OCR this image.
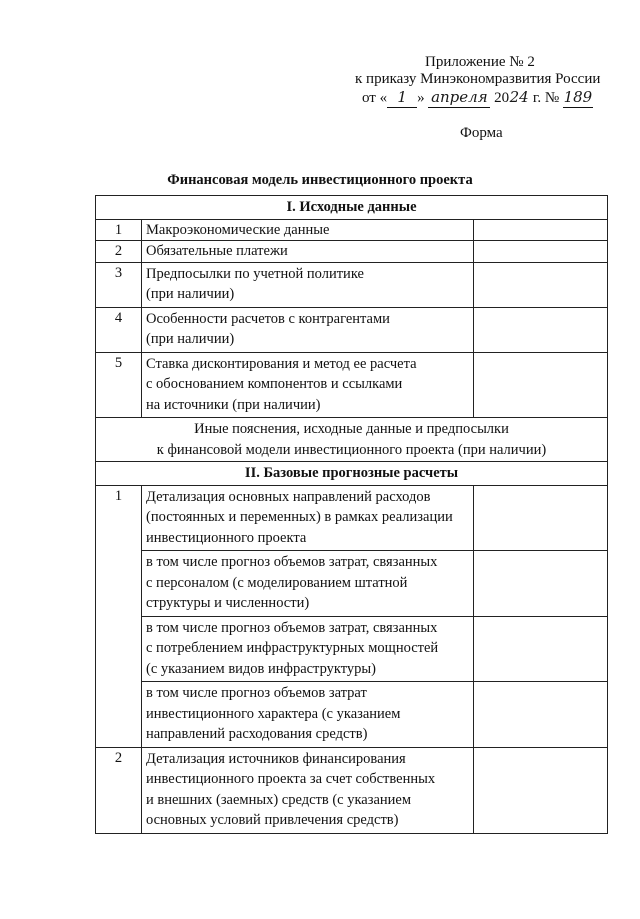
Приложение № 2
к приказу Минэкономразвития России
от « 1 » апреля 2024 г. № 189
Форма
Финансовая модель инвестиционного проекта
I. Исходные данные		
1	Макроэкономические данные	
2	Обязательные платежи	
3	Предпосылки по учетной политике
(при наличии)	

4	Особенности расчетов с контрагентами
(при наличии)	

5	Ставка дисконтирования и метод ее расчета
с обоснованием компонентов и ссылками
на источники (при наличии)	

Иные пояснения, исходные данные и предпосылки
к финансовой модели инвестиционного проекта (при наличии)		

II. Базовые прогнозные расчеты		
1	Детализация основных направлений расходов
(постоянных и переменных) в рамках реализации
инвестиционного проекта	

	в том числе прогноз объемов затрат, связанных
с персоналом (с моделированием штатной
структуры и численности)	

	в том числе прогноз объемов затрат, связанных
с потреблением инфраструктурных мощностей
(с указанием видов инфраструктуры)	

	в том числе прогноз объемов затрат
инвестиционного характера (с указанием
направлений расходования средств)	

2	Детализация источников финансирования
инвестиционного проекта за счет собственных
и внешних (заемных) средств (с указанием
основных условий привлечения средств)	
